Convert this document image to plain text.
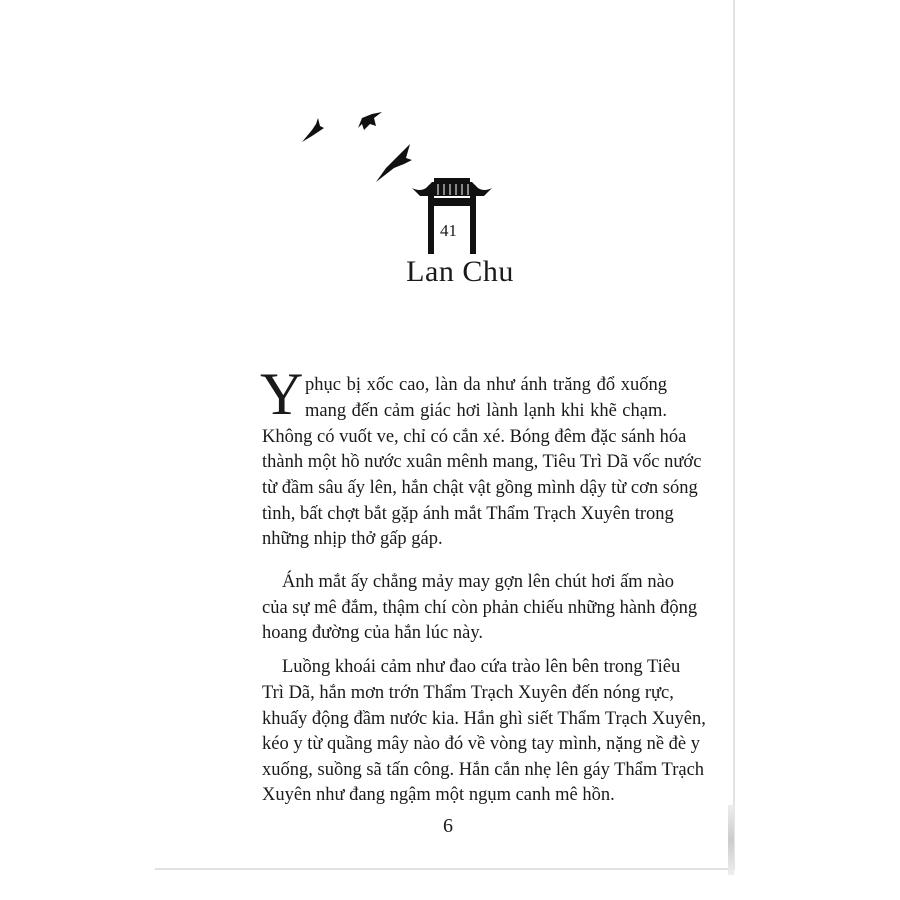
41
Lan Chu
Y phục bị xốc cao, làn da như ánh trăng đổ xuống
mang đến cảm giác hơi lành lạnh khi khẽ chạm.
Không có vuốt ve, chỉ có cắn xé. Bóng đêm đặc sánh hóa
thành một hồ nước xuân mênh mang, Tiêu Trì Dã vốc nước
từ đầm sâu ấy lên, hắn chật vật gồng mình dậy từ cơn sóng
tình, bất chợt bắt gặp ánh mắt Thẩm Trạch Xuyên trong
những nhịp thở gấp gáp.
Ánh mắt ấy chẳng mảy may gợn lên chút hơi ấm nào
của sự mê đắm, thậm chí còn phản chiếu những hành động
hoang đường của hắn lúc này.
Luồng khoái cảm như đao cứa trào lên bên trong Tiêu
Trì Dã, hắn mơn trớn Thẩm Trạch Xuyên đến nóng rực,
khuấy động đầm nước kia. Hắn ghì siết Thẩm Trạch Xuyên,
kéo y từ quầng mây nào đó về vòng tay mình, nặng nề đè y
xuống, suồng sã tấn công. Hắn cắn nhẹ lên gáy Thẩm Trạch
Xuyên như đang ngậm một ngụm canh mê hồn.
6
